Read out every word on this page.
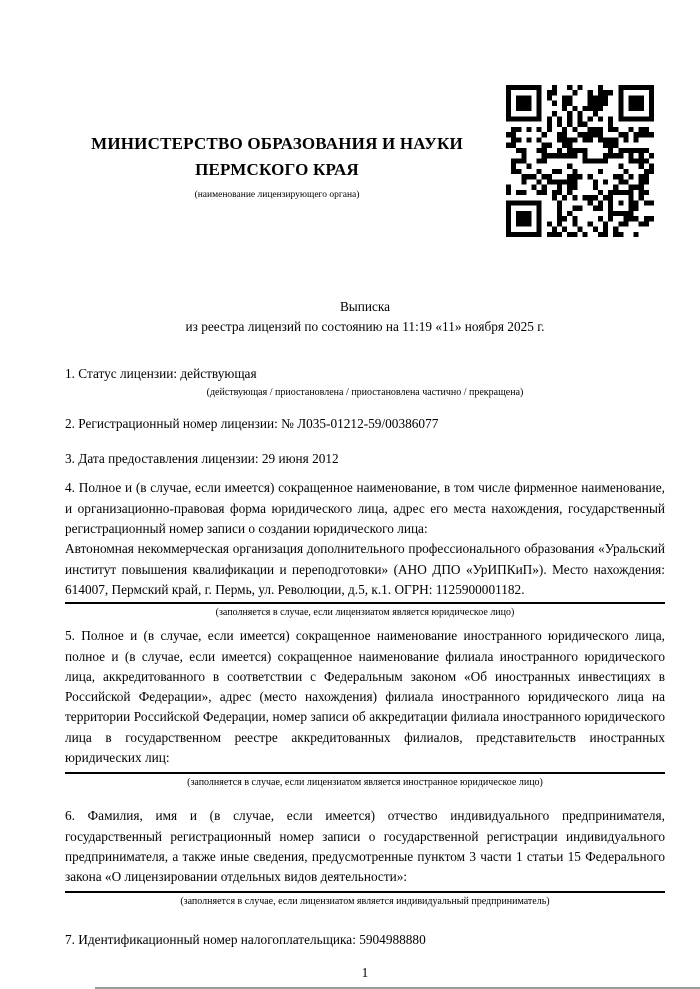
МИНИСТЕРСТВО ОБРАЗОВАНИЯ И НАУКИ
ПЕРМСКОГО КРАЯ
(наименование лицензирующего органа)

Выписка

из реестра лицензий по состоянию на 11:19 «11» ноября 2025 г.

1. Статус лицензии: действующая

(действующая / приостановлена / приостановлена частично / прекращена)

2. Регистрационный номер лицензии: № Л035-01212-59/00386077

3. Дата предоставления лицензии: 29 июня 2012

4. Полное и (в случае, если имеется) сокращенное наименование, в том числе фирменное наименование, и организационно-правовая форма юридического лица, адрес его места нахождения, государственный регистрационный номер записи о создании юридического лица:

Автономная некоммерческая организация дополнительного профессионального образования «Уральский институт повышения квалификации и переподготовки» (АНО ДПО «УрИПКиП»). Место нахождения: 614007, Пермский край, г. Пермь, ул. Революции, д.5, к.1. ОГРН: 1125900001182.

(заполняется в случае, если лицензиатом является юридическое лицо)

5. Полное и (в случае, если имеется) сокращенное наименование иностранного юридического лица, полное и (в случае, если имеется) сокращенное наименование филиала иностранного юридического лица, аккредитованного в соответствии с Федеральным законом «Об иностранных инвестициях в Российской Федерации», адрес (место нахождения) филиала иностранного юридического лица на территории Российской Федерации, номер записи об аккредитации филиала иностранного юридического лица в государственном реестре аккредитованных филиалов, представительств иностранных юридических лиц:

(заполняется в случае, если лицензиатом является иностранное юридическое лицо)

6. Фамилия, имя и (в случае, если имеется) отчество индивидуального предпринимателя, государственный регистрационный номер записи о государственной регистрации индивидуального предпринимателя, а также иные сведения, предусмотренные пунктом 3 части 1 статьи 15 Федерального закона «О лицензировании отдельных видов деятельности»:

(заполняется в случае, если лицензиатом является индивидуальный предприниматель)

7. Идентификационный номер налогоплательщика: 5904988880

1
